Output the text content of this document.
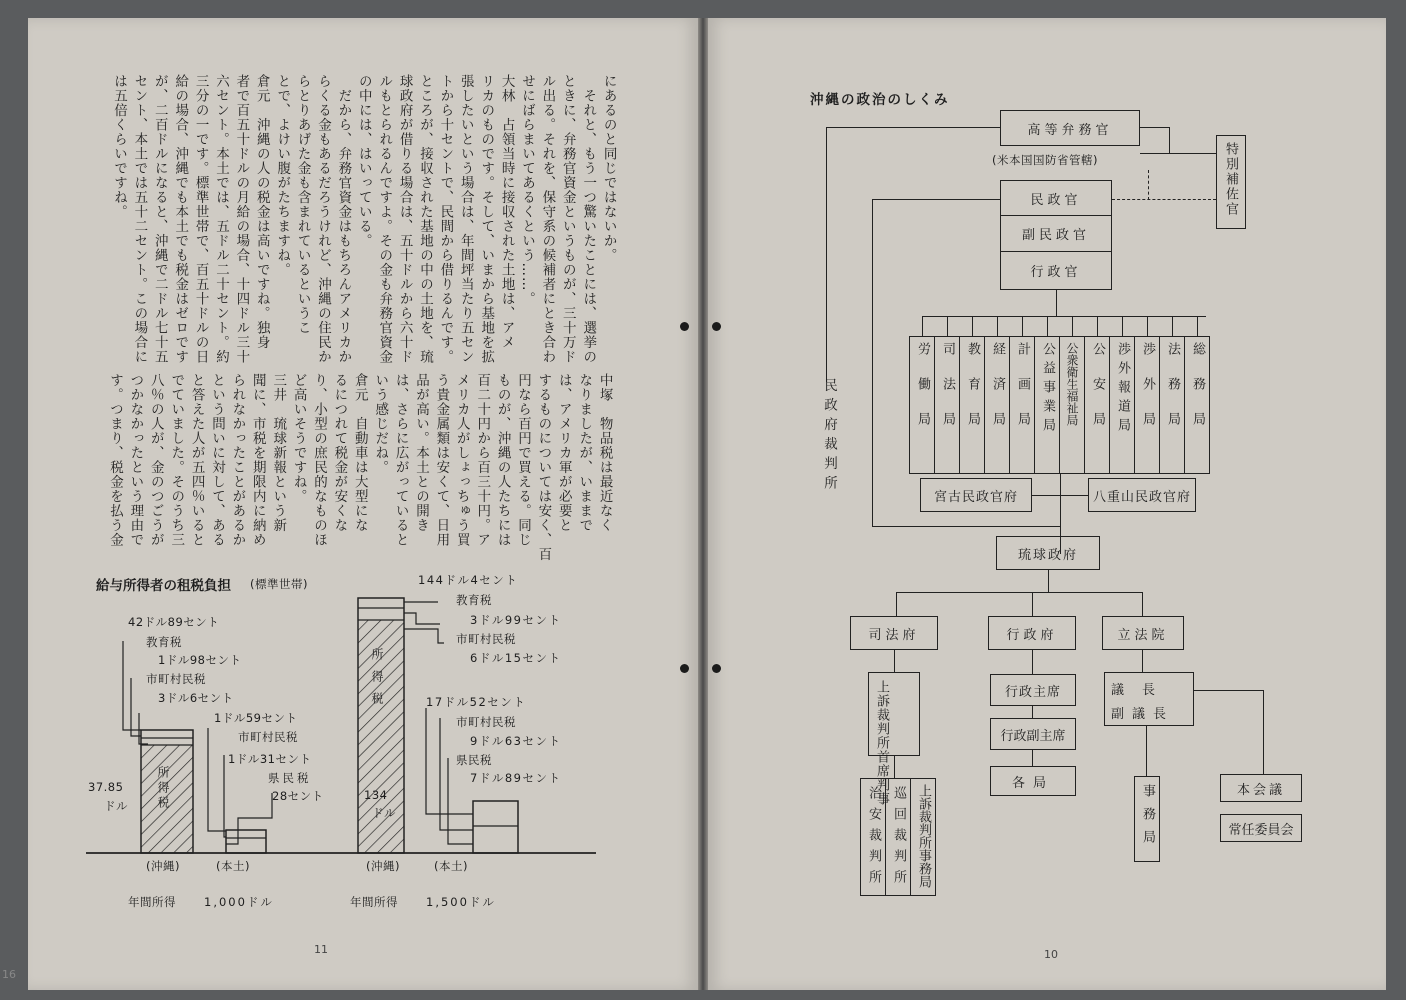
にあるのと同じではないか。
　それと、もう一つ驚いたことには、選挙の
ときに、弁務官資金というものが、三十万ド
ル出る。それを、保守系の候補者にとき合わ
せにばらまいてあるくという……。
大林　占領当時に接収された土地は、アメ
リカのものです。そして、いまから基地を拡
張したいという場合は、年間坪当たり五セン
トから十セントで、民間から借りるんです。
ところが、接収された基地の中の土地を、琉
球政府が借りる場合は、五十ドルから六十ド
ルもとられるんですよ。その金も弁務官資金
の中には、はいっている。
　だから、弁務官資金はもちろんアメリカか
らくる金もあるだろうけれど、沖縄の住民か
らとりあげた金も含まれているというこ
とで、よけい腹がたちますね。
倉元　沖縄の人の税金は高いですね。独身
者で百五十ドルの月給の場合、十四ドル三十
六セント。本土では、五ドル二十セント。約
三分の一です。標準世帯で、百五十ドルの日
給の場合、沖縄でも本土でも税金はゼロです
が、二百ドルになると、沖縄で二ドル七十五
セント、本土では五十二セント。この場合に
は五倍くらいですね。
中塚　物品税は最近なく
なりましたが、いままで
は、アメリカ軍が必要と
するものについては安く、百
円なら百円で買える。同じ
ものが、沖縄の人たちには
百二十円から百三十円。ア
メリカ人がしょっちゅう買
う貴金属類は安くて、日用
品が高い。本土との開き
は、さらに広がっていると
いう感じだね。
倉元　自動車は大型にな
るにつれて税金が安くな
り、小型の庶民的なものほ
ど高いそうですね。
三井　琉球新報という新
聞に、市税を期限内に納め
られなかったことがあるか
という問いに対して、ある
と答えた人が五四％いると
でていました。そのうち三
八％の人が、金のつごうが
つかなかったという理由で
す。つまり、税金を払う金
給与所得者の租税負担 (標準世帯)
42ドル89セント
教育税
1ドル98セント
市町村民税
3ドル6セント
所得税
37.85
ドル
1ドル59セント
市町村民税
1ドル31セント
県民税
28セント
(沖縄)	(本土)
年間所得 1,000ドル
144ドル4セント
教育税
3ドル99セント
市町村民税
6ドル15セント
所得税
134
ドル
17ドル52セント
市町村民税
9ドル63セント
県民税
7ドル89セント
(沖縄)	(本土)
年間所得 1,500ドル
11
16
沖縄の政治のしくみ
高等弁務官
(米本国国防省管轄)	特別補佐官
民政官
副民政官
行政官
労働局 司法局 教育局 経済局 計画局 公益事業局 公衆衛生福祉局 公安局 渉外報道局 渉外局 法務局 総務局
民政府裁判所
宮古民政官府	八重山民政官府
琉球政府
司法府	行政府	立法院
上訴裁判所首席判事
治安裁判所 巡回裁判所 上訴裁判所事務局
行政主席
行政副主席
各局
議長
副議長
事務局	本会議
常任委員会
10
